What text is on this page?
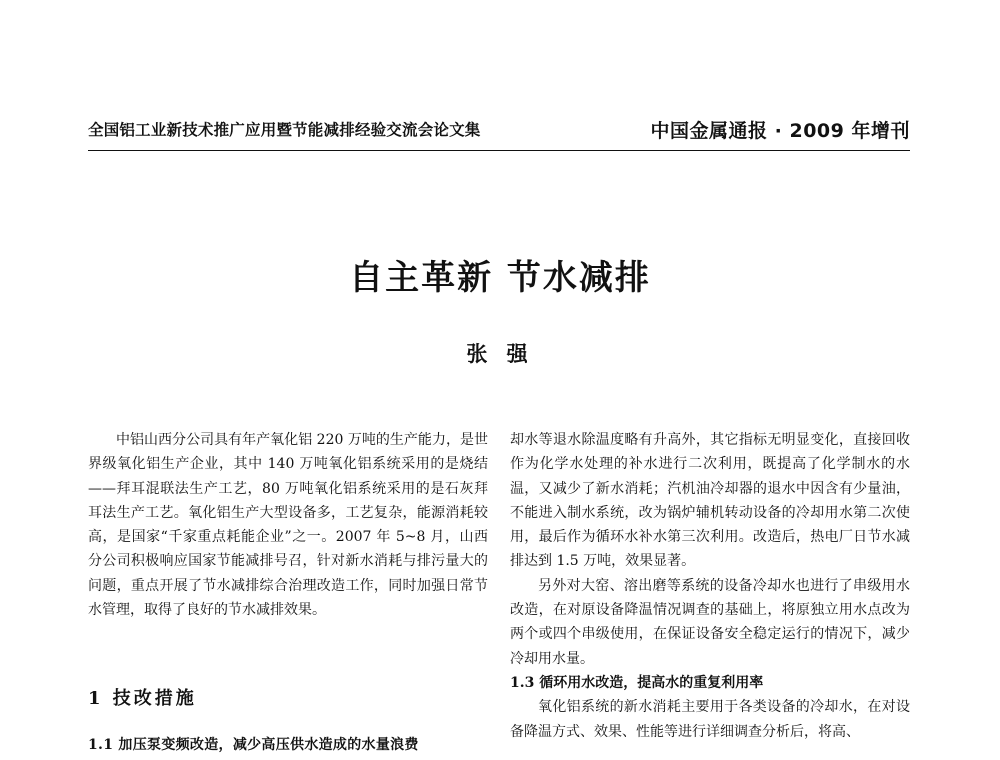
全国铝工业新技术推广应用暨节能减排经验交流会论文集	中国金属通报 · 2009 年增刊
自主革新 节水减排
张 强

中铝山西分公司具有年产氧化铝 220 万吨的生产能力，是世界级氧化铝生产企业，其中 140 万吨氧化铝系统采用的是烧结——拜耳混联法生产工艺，80 万吨氧化铝系统采用的是石灰拜耳法生产工艺。氧化铝生产大型设备多，工艺复杂，能源消耗较高，是国家“千家重点耗能企业”之一。2007 年 5~8 月，山西分公司积极响应国家节能减排号召，针对新水消耗与排污量大的问题，重点开展了节水减排综合治理改造工作，同时加强日常节水管理，取得了良好的节水减排效果。

1 技改措施
1.1 加压泵变频改造，减少高压供水造成的水量浪费

却水等退水除温度略有升高外，其它指标无明显变化，直接回收作为化学水处理的补水进行二次利用，既提高了化学制水的水温，又减少了新水消耗；汽机油冷却器的退水中因含有少量油，不能进入制水系统，改为锅炉辅机转动设备的冷却用水第二次使用，最后作为循环水补水第三次利用。改造后，热电厂日节水减排达到 1.5 万吨，效果显著。

另外对大窑、溶出磨等系统的设备冷却水也进行了串级用水改造，在对原设备降温情况调查的基础上，将原独立用水点改为两个或四个串级使用，在保证设备安全稳定运行的情况下，减少冷却用水量。

1.3 循环用水改造，提高水的重复利用率

氧化铝系统的新水消耗主要用于各类设备的冷却水，在对设备降温方式、效果、性能等进行详细调查分析后，将高、
